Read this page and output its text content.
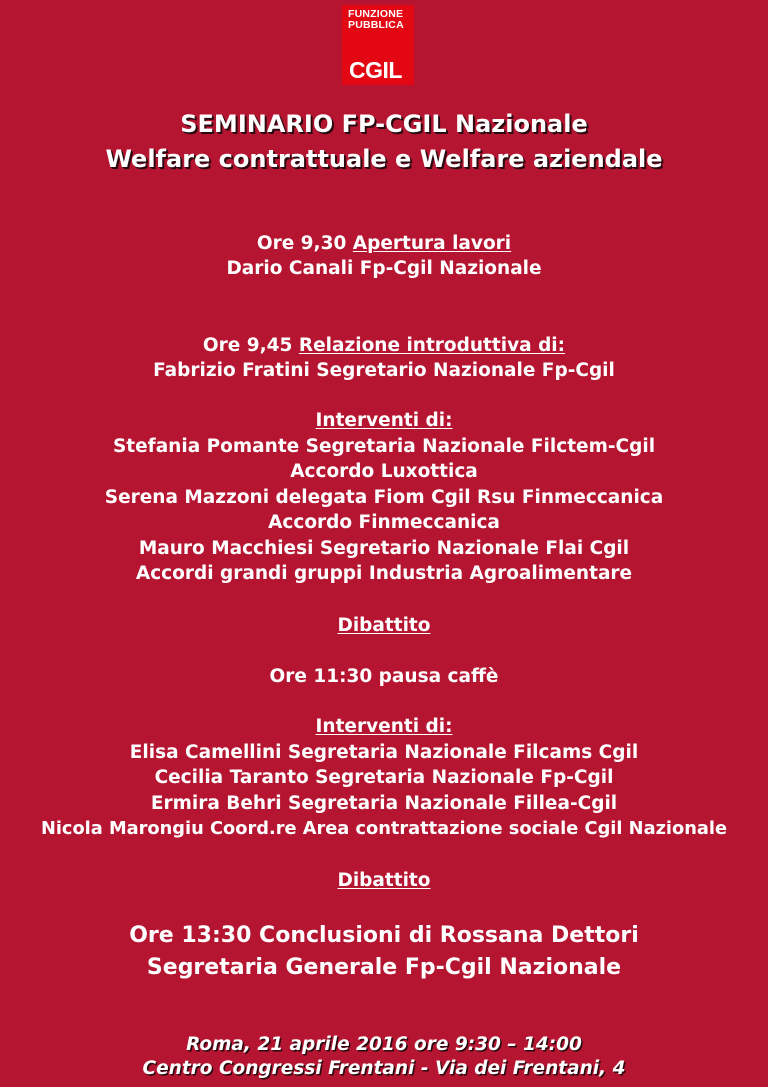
FUNZIONE
PUBBLICA
CGIL

SEMINARIO FP-CGIL Nazionale

Welfare contrattuale e Welfare aziendale

Ore 9,30 Apertura lavori

Dario Canali Fp-Cgil Nazionale

Ore 9,45 Relazione introduttiva di:

Fabrizio Fratini Segretario Nazionale Fp-Cgil

Interventi di:

Stefania Pomante Segretaria Nazionale Filctem-Cgil

Accordo Luxottica

Serena Mazzoni delegata Fiom Cgil Rsu Finmeccanica

Accordo Finmeccanica

Mauro Macchiesi Segretario Nazionale Flai Cgil

Accordi grandi gruppi Industria Agroalimentare

Dibattito

Ore 11:30 pausa caffè

Interventi di:

Elisa Camellini Segretaria Nazionale Filcams Cgil

Cecilia Taranto Segretaria Nazionale Fp-Cgil

Ermira Behri Segretaria Nazionale Fillea-Cgil

Nicola Marongiu Coord.re Area contrattazione sociale Cgil Nazionale

Dibattito

Ore 13:30 Conclusioni di Rossana Dettori

Segretaria Generale Fp-Cgil Nazionale

Roma, 21 aprile 2016 ore 9:30 – 14:00

Centro Congressi Frentani - Via dei Frentani, 4
